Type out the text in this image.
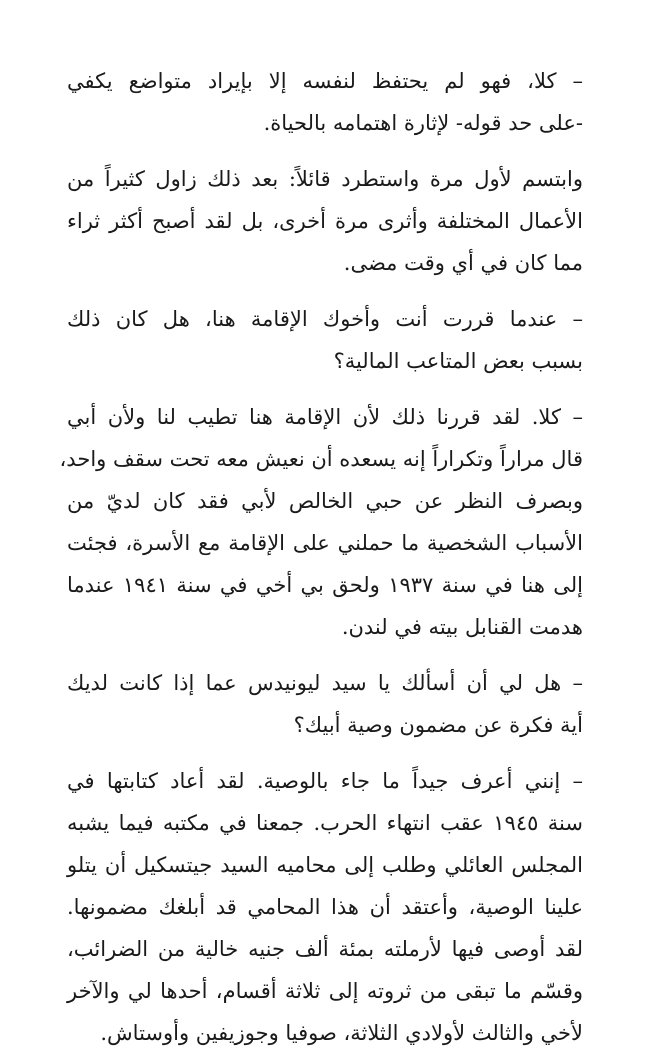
– كلا، فهو لم يحتفظ لنفسه إلا بإيراد متواضع يكفي
-على حد قوله- لإثارة اهتمامه بالحياة.
وابتسم لأول مرة واستطرد قائلاً: بعد ذلك زاول كثيراً من
الأعمال المختلفة وأثرى مرة أخرى، بل لقد أصبح أكثر ثراء
مما كان في أي وقت مضى.
– عندما قررت أنت وأخوك الإقامة هنا، هل كان ذلك
بسبب بعض المتاعب المالية؟
– كلا. لقد قررنا ذلك لأن الإقامة هنا تطيب لنا ولأن أبي
قال مراراً وتكراراً إنه يسعده أن نعيش معه تحت سقف واحد،
وبصرف النظر عن حبي الخالص لأبي فقد كان لديّ من
الأسباب الشخصية ما حملني على الإقامة مع الأسرة، فجئت
إلى هنا في سنة ١٩٣٧ ولحق بي أخي في سنة ١٩٤١ عندما
هدمت القنابل بيته في لندن.
– هل لي أن أسألك يا سيد ليونيدس عما إذا كانت لديك
أية فكرة عن مضمون وصية أبيك؟
– إنني أعرف جيداً ما جاء بالوصية. لقد أعاد كتابتها في
سنة ١٩٤٥ عقب انتهاء الحرب. جمعنا في مكتبه فيما يشبه
المجلس العائلي وطلب إلى محاميه السيد جيتسكيل أن يتلو
علينا الوصية، وأعتقد أن هذا المحامي قد أبلغك مضمونها.
لقد أوصى فيها لأرملته بمئة ألف جنيه خالية من الضرائب،
وقسّم ما تبقى من ثروته إلى ثلاثة أقسام، أحدها لي والآخر
لأخي والثالث لأولادي الثلاثة، صوفيا وجوزيفين وأوستاش.
